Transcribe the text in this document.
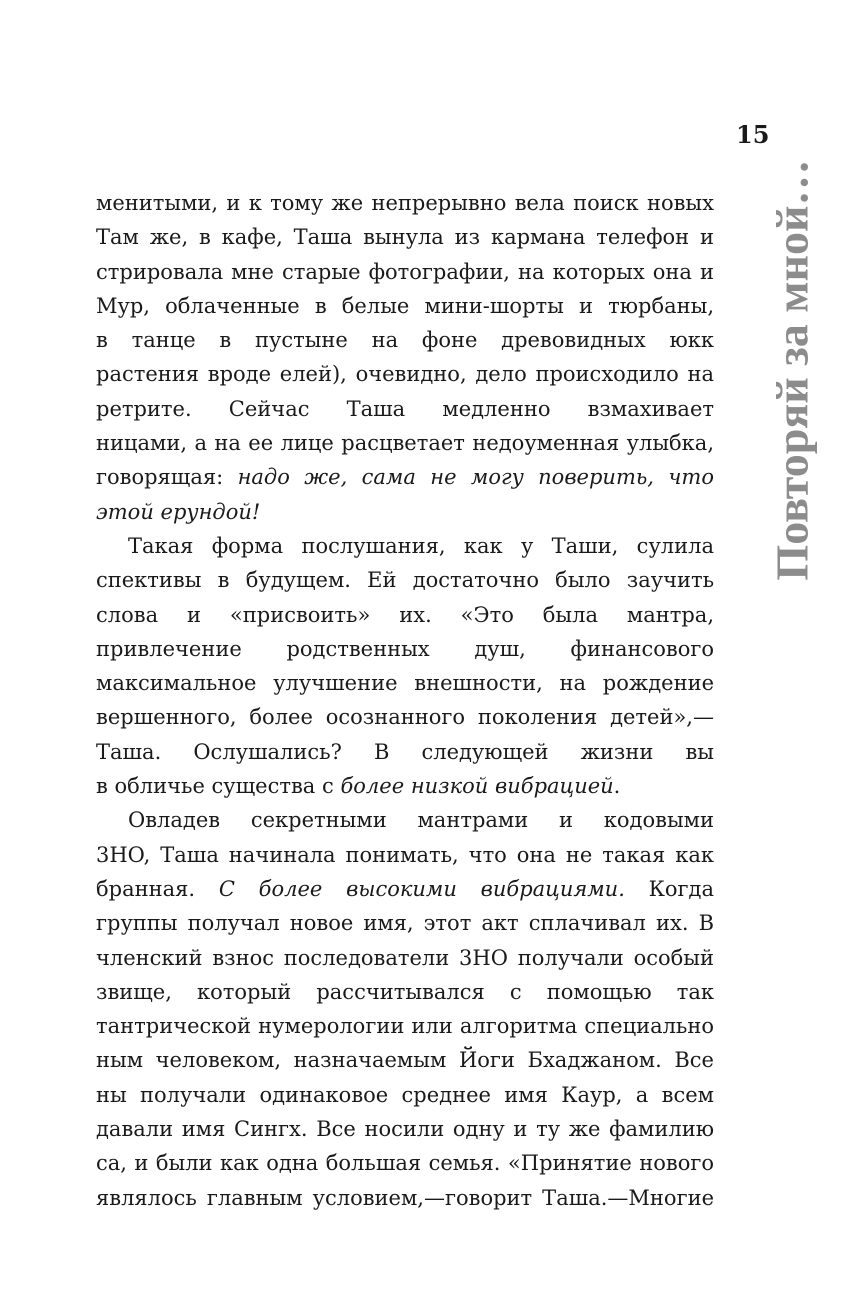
15
Повторяй за мной…
менитыми, и к тому же непрерывно вела поиск новых
Там же, в кафе, Таша вынула из кармана телефон и
стрировала мне старые фотографии, на которых она и
Мур, облаченные в белые мини-шорты и тюрбаны,
в танце в пустыне на фоне древовидных юкк
растения вроде елей), очевидно, дело происходило на
ретрите. Сейчас Таша медленно взмахивает
ницами, а на ее лице расцветает недоуменная улыбка,
говорящая: надо же, сама не могу поверить, что
этой ерундой!
Такая форма послушания, как у Таши, сулила
спективы в будущем. Ей достаточно было заучить
слова и «присвоить» их. «Это была мантра,
привлечение родственных душ, финансового
максимальное улучшение внешности, на рождение
вершенного, более осознанного поколения детей»,—
Таша. Ослушались? В следующей жизни вы
в обличье существа с более низкой вибрацией.
Овладев секретными мантрами и кодовыми
3HO, Таша начинала понимать, что она не такая как
бранная. С более высокими вибрациями. Когда
группы получал новое имя, этот акт сплачивал их. В
членский взнос последователи 3HO получали особый
звище, который рассчитывался с помощью так
тантрической нумерологии или алгоритма специально
ным человеком, назначаемым Йоги Бхаджаном. Все
ны получали одинаковое среднее имя Каур, а всем
давали имя Сингх. Все носили одну и ту же фамилию
са, и были как одна большая семья. «Принятие нового
являлось главным условием,—говорит Таша.—Многие
